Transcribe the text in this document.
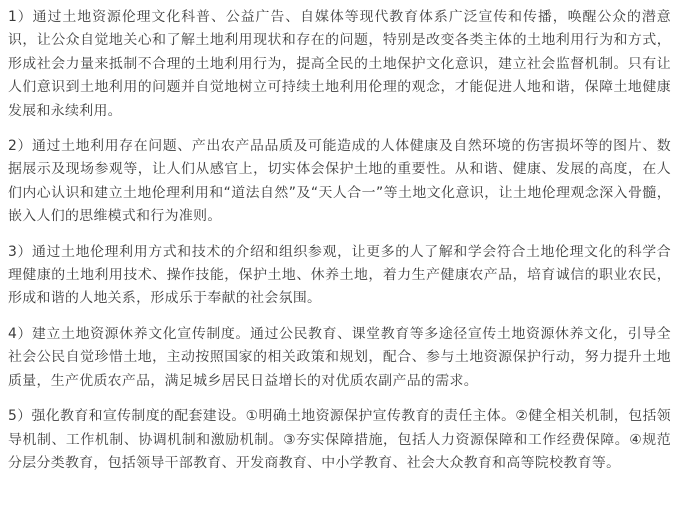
1）通过土地资源伦理文化科普、公益广告、自媒体等现代教育体系广泛宣传和传播，唤醒公众的潜意识，让公众自觉地关心和了解土地利用现状和存在的问题，特别是改变各类主体的土地利用行为和方式，形成社会力量来抵制不合理的土地利用行为，提高全民的土地保护文化意识，建立社会监督机制。只有让人们意识到土地利用的问题并自觉地树立可持续土地利用伦理的观念，才能促进人地和谐，保障土地健康发展和永续利用。

2）通过土地利用存在问题、产出农产品品质及可能造成的人体健康及自然环境的伤害损坏等的图片、数据展示及现场参观等，让人们从感官上，切实体会保护土地的重要性。从和谐、健康、发展的高度，在人们内心认识和建立土地伦理利用和“道法自然”及“天人合一”等土地文化意识，让土地伦理观念深入骨髓，嵌入人们的思维模式和行为准则。

3）通过土地伦理利用方式和技术的介绍和组织参观，让更多的人了解和学会符合土地伦理文化的科学合理健康的土地利用技术、操作技能，保护土地、休养土地，着力生产健康农产品，培育诚信的职业农民，形成和谐的人地关系，形成乐于奉献的社会氛围。

4）建立土地资源休养文化宣传制度。通过公民教育、课堂教育等多途径宣传土地资源休养文化，引导全社会公民自觉珍惜土地，主动按照国家的相关政策和规划，配合、参与土地资源保护行动，努力提升土地质量，生产优质农产品，满足城乡居民日益增长的对优质农副产品的需求。

5）强化教育和宣传制度的配套建设。①明确土地资源保护宣传教育的责任主体。②健全相关机制，包括领导机制、工作机制、协调机制和激励机制。③夯实保障措施，包括人力资源保障和工作经费保障。④规范分层分类教育，包括领导干部教育、开发商教育、中小学教育、社会大众教育和高等院校教育等。
